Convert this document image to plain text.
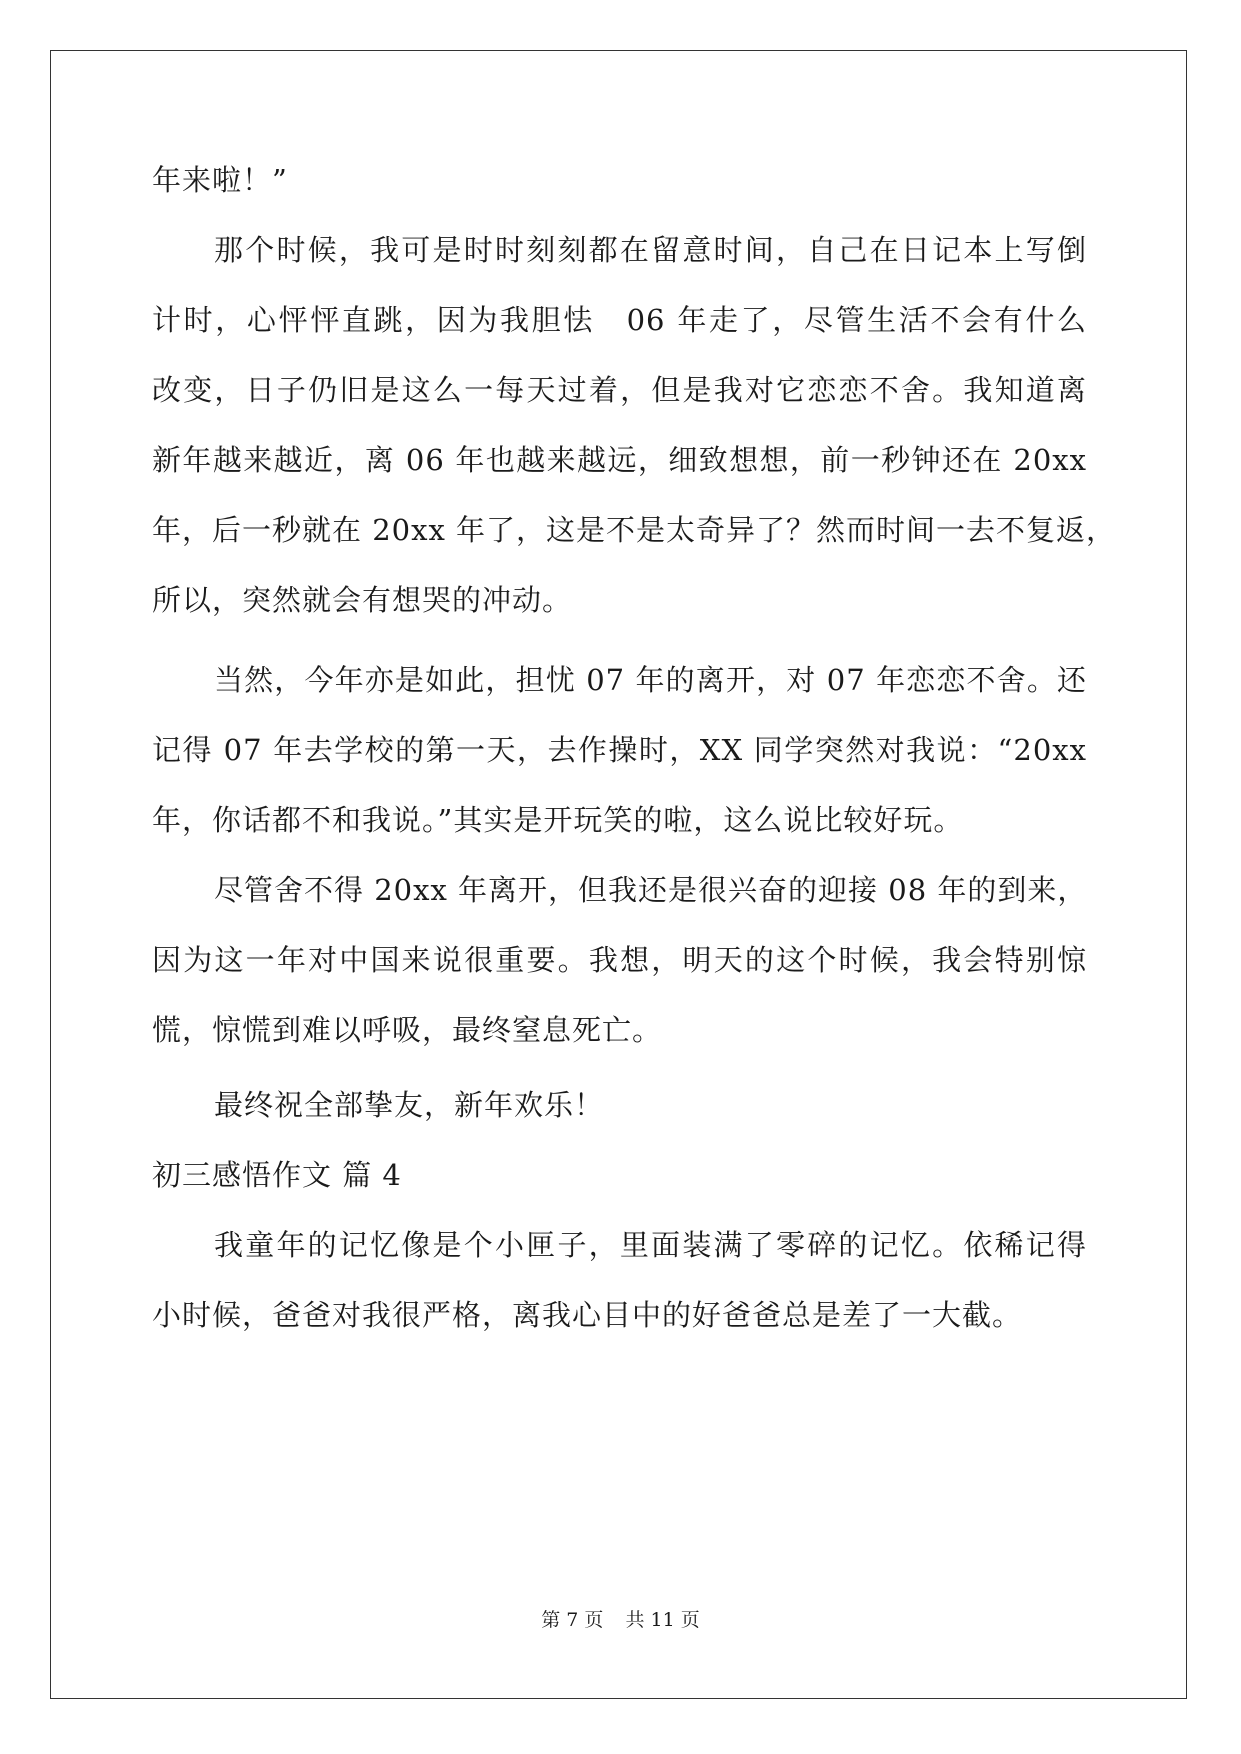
年来啦！”
那个时候，我可是时时刻刻都在留意时间，自己在日记本上写倒
计时，心怦怦直跳，因为我胆怯　06 年走了，尽管生活不会有什么
改变，日子仍旧是这么一每天过着，但是我对它恋恋不舍。我知道离
新年越来越近，离 06 年也越来越远，细致想想，前一秒钟还在 20xx
年，后一秒就在 20xx 年了，这是不是太奇异了？然而时间一去不复返，
所以，突然就会有想哭的冲动。
当然，今年亦是如此，担忧 07 年的离开，对 07 年恋恋不舍。还
记得 07 年去学校的第一天，去作操时，XX 同学突然对我说：“20xx
年，你话都不和我说。”其实是开玩笑的啦，这么说比较好玩。
尽管舍不得 20xx 年离开，但我还是很兴奋的迎接 08 年的到来，
因为这一年对中国来说很重要。我想，明天的这个时候，我会特别惊
慌，惊慌到难以呼吸，最终窒息死亡。
最终祝全部挚友，新年欢乐！
初三感悟作文 篇 4
我童年的记忆像是个小匣子，里面装满了零碎的记忆。依稀记得
小时候，爸爸对我很严格，离我心目中的好爸爸总是差了一大截。
第 7 页 共 11 页
